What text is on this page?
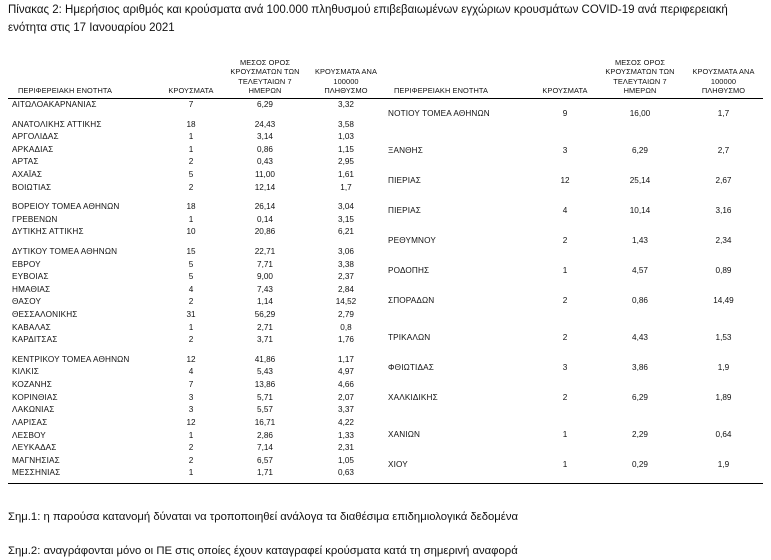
Πίνακας 2: Ημερήσιος αριθμός και κρούσματα ανά 100.000 πληθυσμού επιβεβαιωμένων εγχώριων κρουσμάτων COVID-19 ανά περιφερειακή
ενότητα στις 17 Ιανουαρίου 2021
ΠΕΡΙΦΕΡΕΙΑΚΗ ΕΝΟΤΗΤΑ	ΚΡΟΥΣΜΑΤΑ	ΜΕΣΟΣ ΟΡΟΣ
ΚΡΟΥΣΜΑΤΩΝ ΤΩΝ
ΤΕΛΕΥΤΑΙΩΝ 7 ΗΜΕΡΩΝ	ΚΡΟΥΣΜΑΤΑ ΑΝΑ 100000
ΠΛΗΘΥΣΜΟ
ΑΙΤΩΛΟΑΚΑΡΝΑΝΙΑΣ	7	6,29	3,32

ΑΝΑΤΟΛΙΚΗΣ ΑΤΤΙΚΗΣ	18	24,43	3,58
ΑΡΓΟΛΙΔΑΣ	1	3,14	1,03
ΑΡΚΑΔΙΑΣ	1	0,86	1,15
ΑΡΤΑΣ	2	0,43	2,95
ΑΧΑΪΑΣ	5	11,00	1,61
ΒΟΙΩΤΙΑΣ	2	12,14	1,7

ΒΟΡΕΙΟΥ ΤΟΜΕΑ ΑΘΗΝΩΝ	18	26,14	3,04
ΓΡΕΒΕΝΩΝ	1	0,14	3,15
ΔΥΤΙΚΗΣ ΑΤΤΙΚΗΣ	10	20,86	6,21

ΔΥΤΙΚΟΥ ΤΟΜΕΑ ΑΘΗΝΩΝ	15	22,71	3,06
ΕΒΡΟΥ	5	7,71	3,38
ΕΥΒΟΙΑΣ	5	9,00	2,37
ΗΜΑΘΙΑΣ	4	7,43	2,84
ΘΑΣΟΥ	2	1,14	14,52
ΘΕΣΣΑΛΟΝΙΚΗΣ	31	56,29	2,79
ΚΑΒΑΛΑΣ	1	2,71	0,8
ΚΑΡΔΙΤΣΑΣ	2	3,71	1,76

ΚΕΝΤΡΙΚΟΥ ΤΟΜΕΑ ΑΘΗΝΩΝ	12	41,86	1,17
ΚΙΛΚΙΣ	4	5,43	4,97
ΚΟΖΑΝΗΣ	7	13,86	4,66
ΚΟΡΙΝΘΙΑΣ	3	5,71	2,07
ΛΑΚΩΝΙΑΣ	3	5,57	3,37
ΛΑΡΙΣΑΣ	12	16,71	4,22
ΛΕΣΒΟΥ	1	2,86	1,33
ΛΕΥΚΑΔΑΣ	2	7,14	2,31
ΜΑΓΝΗΣΙΑΣ	2	6,57	1,05
ΜΕΣΣΗΝΙΑΣ	1	1,71	0,63
ΠΕΡΙΦΕΡΕΙΑΚΗ ΕΝΟΤΗΤΑ	ΚΡΟΥΣΜΑΤΑ	ΜΕΣΟΣ ΟΡΟΣ
ΚΡΟΥΣΜΑΤΩΝ ΤΩΝ
ΤΕΛΕΥΤΑΙΩΝ 7 ΗΜΕΡΩΝ	ΚΡΟΥΣΜΑΤΑ ΑΝΑ 100000
ΠΛΗΘΥΣΜΟ
ΝΟΤΙΟΥ ΤΟΜΕΑ ΑΘΗΝΩΝ	9	16,00	1,7

ΞΑΝΘΗΣ	3	6,29	2,7
ΠΙΕΡΙΑΣ	12	25,14	2,67
ΠΙΕΡΙΑΣ	4	10,14	3,16
ΡΕΘΥΜΝΟΥ	2	1,43	2,34
ΡΟΔΟΠΗΣ	1	4,57	0,89
ΣΠΟΡΑΔΩΝ	2	0,86	14,49

ΤΡΙΚΑΛΩΝ	2	4,43	1,53
ΦΘΙΩΤΙΔΑΣ	3	3,86	1,9
ΧΑΛΚΙΔΙΚΗΣ	2	6,29	1,89

ΧΑΝΙΩΝ	1	2,29	0,64
ΧΙΟΥ	1	0,29	1,9
Σημ.1: η παρούσα κατανομή δύναται να τροποποιηθεί ανάλογα τα διαθέσιμα επιδημιολογικά δεδομένα
Σημ.2: αναγράφονται μόνο οι ΠΕ στις οποίες έχουν καταγραφεί κρούσματα κατά τη σημερινή αναφορά
